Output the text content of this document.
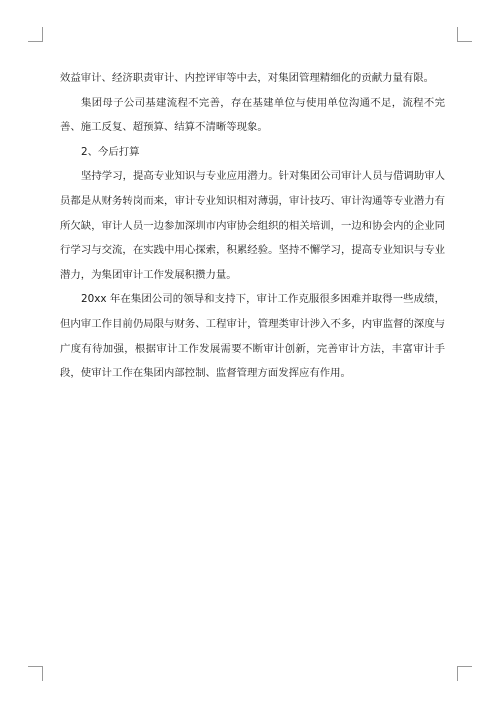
效益审计、经济职责审计、内控评审等中去，对集团管理精细化的贡献力量有限。

集团母子公司基建流程不完善，存在基建单位与使用单位沟通不足，流程不完善、施工反复、超预算、结算不清晰等现象。

2、今后打算

坚持学习，提高专业知识与专业应用潜力。针对集团公司审计人员与借调助审人员都是从财务转岗而来，审计专业知识相对薄弱，审计技巧、审计沟通等专业潜力有所欠缺，审计人员一边参加深圳市内审协会组织的相关培训，一边和协会内的企业同行学习与交流，在实践中用心探索，积累经验。坚持不懈学习，提高专业知识与专业潜力，为集团审计工作发展积攒力量。

20xx 年在集团公司的领导和支持下，审计工作克服很多困难并取得一些成绩，但内审工作目前仍局限与财务、工程审计，管理类审计涉入不多，内审监督的深度与广度有待加强，根据审计工作发展需要不断审计创新，完善审计方法，丰富审计手段，使审计工作在集团内部控制、监督管理方面发挥应有作用。
